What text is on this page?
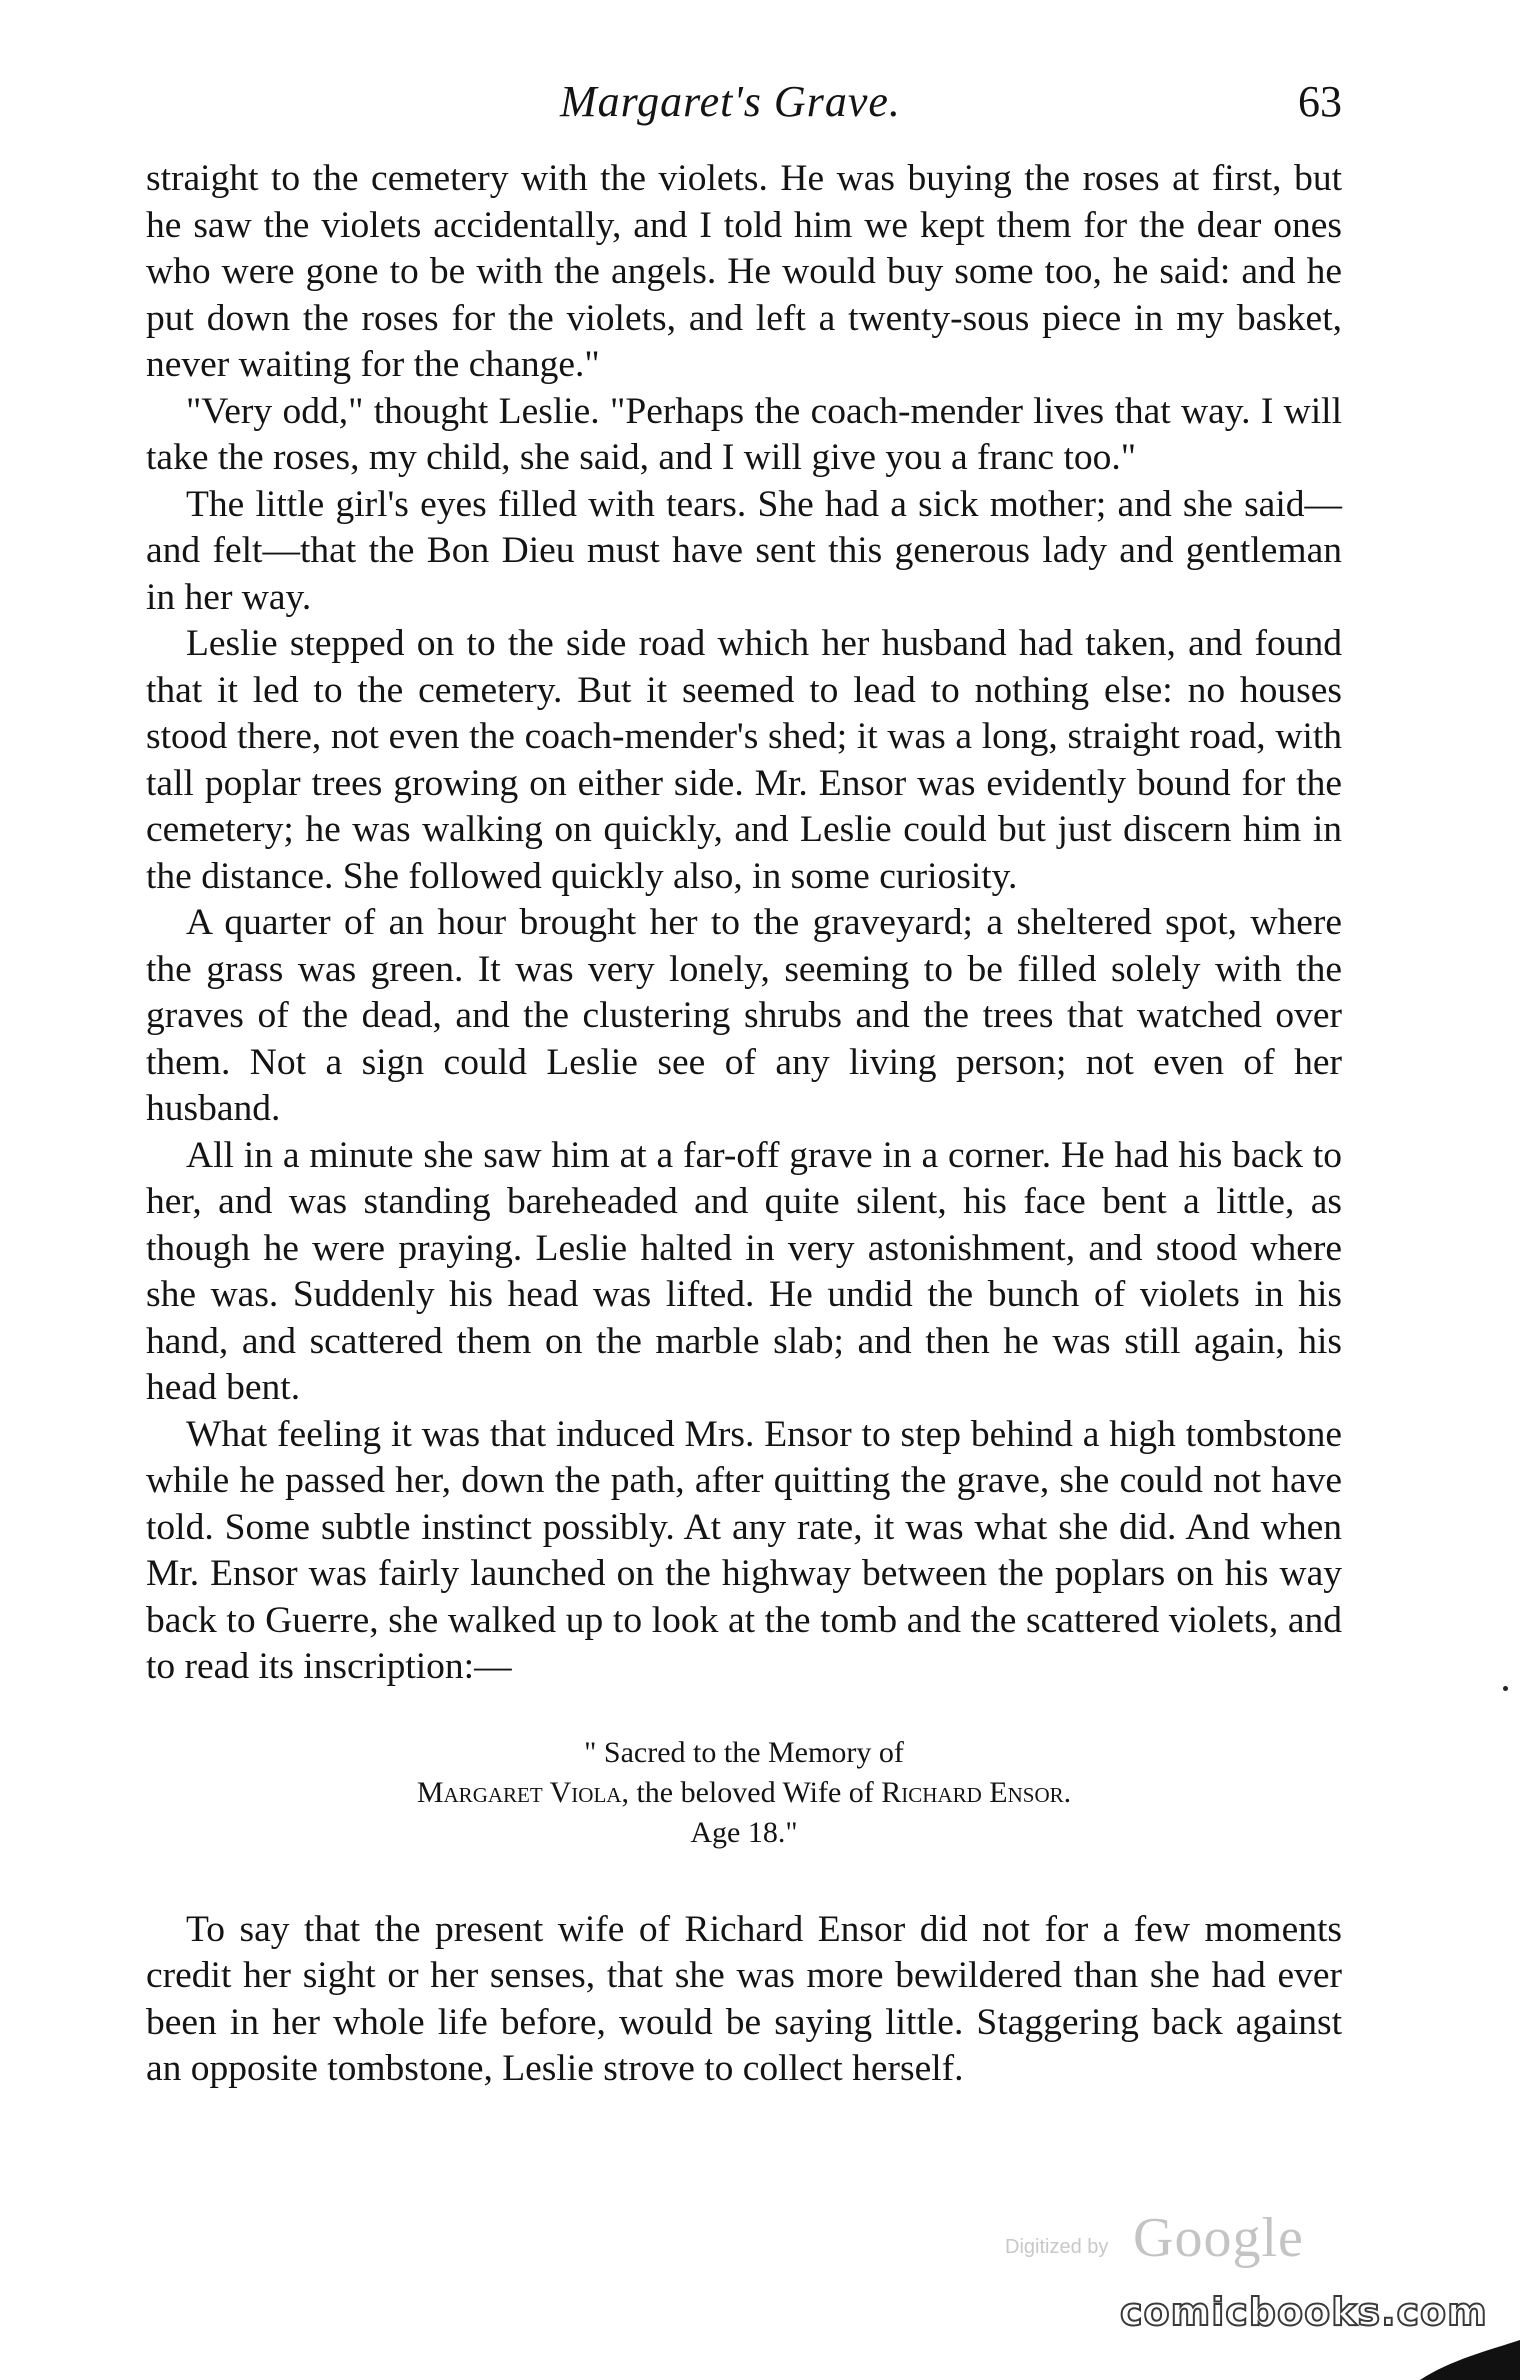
Margaret's Grave.	63

straight to the cemetery with the violets. He was buying the roses at first, but he saw the violets accidentally, and I told him we kept them for the dear ones who were gone to be with the angels. He would buy some too, he said: and he put down the roses for the violets, and left a twenty-sous piece in my basket, never waiting for the change."

"Very odd," thought Leslie. "Perhaps the coach-mender lives that way. I will take the roses, my child, she said, and I will give you a franc too."

The little girl's eyes filled with tears. She had a sick mother; and she said—and felt—that the Bon Dieu must have sent this generous lady and gentleman in her way.

Leslie stepped on to the side road which her husband had taken, and found that it led to the cemetery. But it seemed to lead to nothing else: no houses stood there, not even the coach-mender's shed; it was a long, straight road, with tall poplar trees growing on either side. Mr. Ensor was evidently bound for the cemetery; he was walking on quickly, and Leslie could but just discern him in the distance. She followed quickly also, in some curiosity.

A quarter of an hour brought her to the graveyard; a sheltered spot, where the grass was green. It was very lonely, seeming to be filled solely with the graves of the dead, and the clustering shrubs and the trees that watched over them. Not a sign could Leslie see of any living person; not even of her husband.

All in a minute she saw him at a far-off grave in a corner. He had his back to her, and was standing bareheaded and quite silent, his face bent a little, as though he were praying. Leslie halted in very astonishment, and stood where she was. Suddenly his head was lifted. He undid the bunch of violets in his hand, and scattered them on the marble slab; and then he was still again, his head bent.

What feeling it was that induced Mrs. Ensor to step behind a high tombstone while he passed her, down the path, after quitting the grave, she could not have told. Some subtle instinct possibly. At any rate, it was what she did. And when Mr. Ensor was fairly launched on the highway between the poplars on his way back to Guerre, she walked up to look at the tomb and the scattered violets, and to read its inscription:—

" Sacred to the Memory of
Margaret Viola, the beloved Wife of Richard Ensor.
Age 18."

To say that the present wife of Richard Ensor did not for a few moments credit her sight or her senses, that she was more bewildered than she had ever been in her whole life before, would be saying little. Staggering back against an opposite tombstone, Leslie strove to collect herself.

Digitized by Google
comicbooks.com
